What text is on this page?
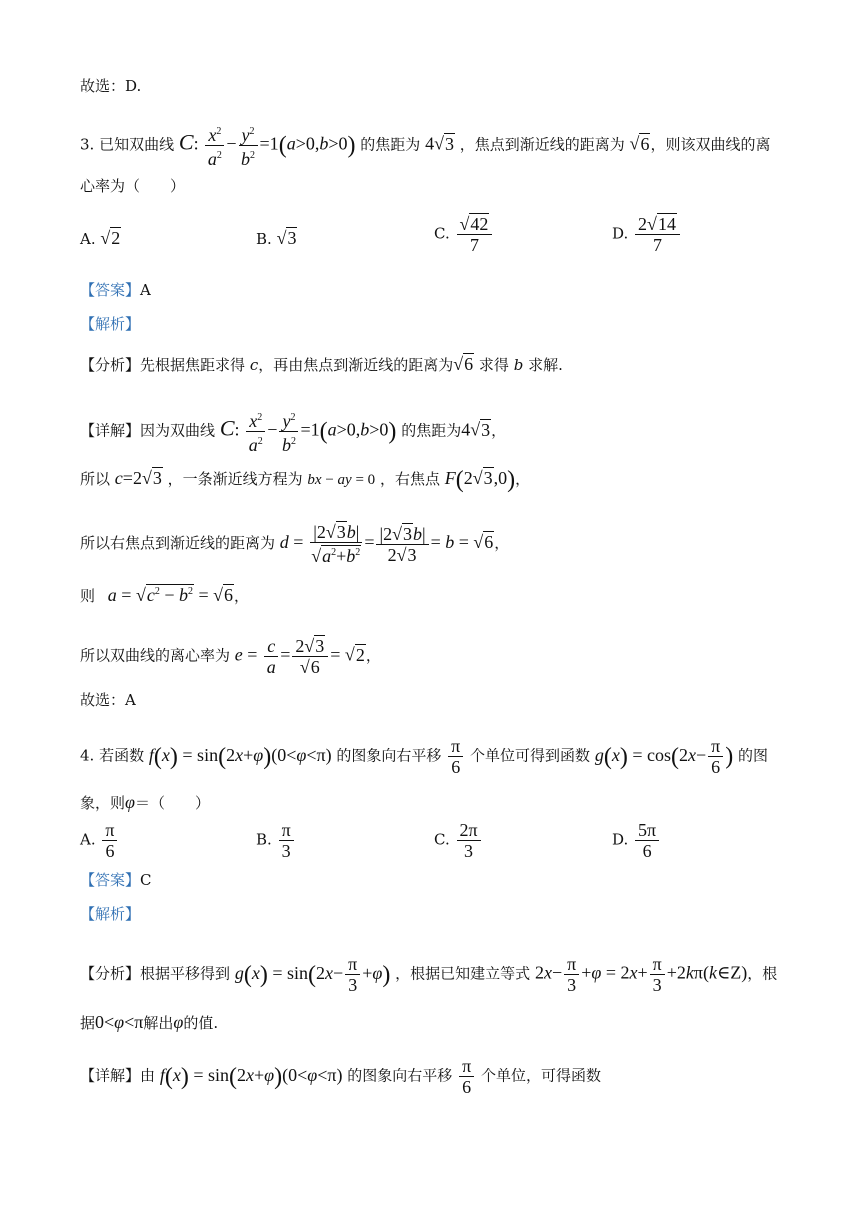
故选：D.
3. 已知双曲线 C: $\frac{x^2}{a^2} - \frac{y^2}{b^2} =1(a>0,b>0)$ 的焦距为 4√3 ，焦点到渐近线的距离为 √6，则该双曲线的离
心率为（　　）
A. √2	B. √3	C. $\frac{√42}{7}$	D. $\frac{2√14}{7}$
【答案】A
【解析】
【分析】先根据焦距求得 c，再由焦点到渐近线的距离为√6 求得 b 求解.
【详解】因为双曲线 C: $\frac{x^2}{a^2} - \frac{y^2}{b^2} =1(a>0,b>0)$ 的焦距为4√3，
所以 c=2√3 ，一条渐近线方程为 bx − ay = 0 ，右焦点 F(2√3,0)，
所以右焦点到渐近线的距离为 $d = \frac{|2√3b|}{√a^2+b^2} = \frac{|2√3b|}{2√3} = b = √6$，
则 $a = √c^2 - b^2 = √6$，
所以双曲线的离心率为 $e = \frac{c}{a} = \frac{2√3}{√6} = √2$，
故选：A
4. 若函数 f(x) = sin(2x+φ)(0<φ<π) 的图象向右平移 $\frac{\pi}{6}$ 个单位可得到函数 $g(x) = \cos(2x- \frac{\pi}{6}$ ) 的图
象，则φ＝（　　）
A. $\frac{\pi}{6}$	B. $\frac{\pi}{3}$	C. $\frac{2\pi}{3}$	D. $\frac{5\pi}{6}$
【答案】C
【解析】
【分析】根据平移得到 $g(x) = \sin(2x- \frac{\pi}{3} +\varphi)$ ，根据已知建立等式 $2x- \frac{\pi}{3} +\varphi = 2x+ \frac{\pi}{3}$ +2kπ(k∈Z)，根
据0<φ<π解出φ的值.
【详解】由 f(x) = sin(2x+φ)(0<φ<π) 的图象向右平移 $\frac{\pi}{6}$ 个单位，可得函数
